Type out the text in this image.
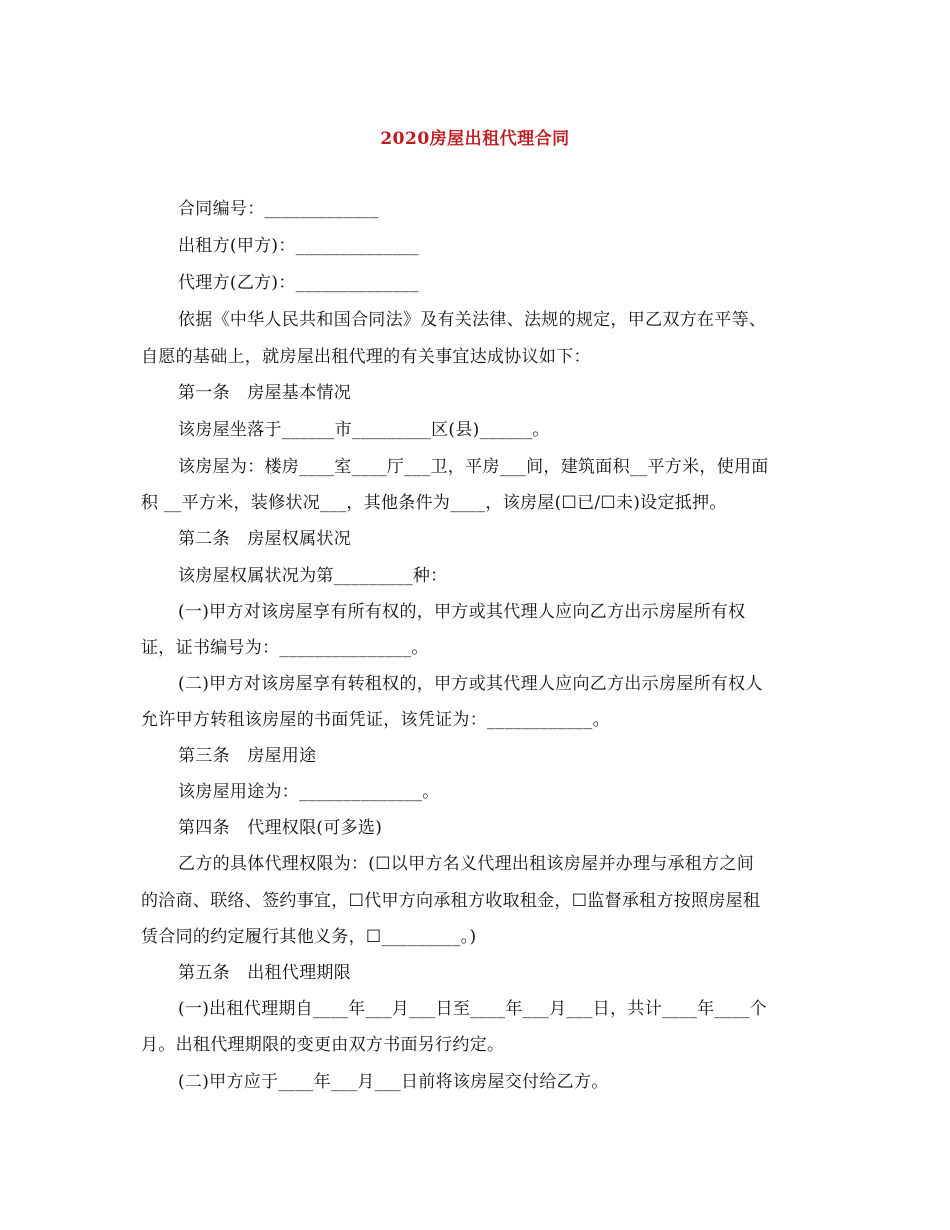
2020房屋出租代理合同
合同编号：_____________
出租方(甲方)：______________
代理方(乙方)：______________
依据《中华人民共和国合同法》及有关法律、法规的规定，甲乙双方在平等、
自愿的基础上，就房屋出租代理的有关事宜达成协议如下：
第一条　房屋基本情况
该房屋坐落于______市_________区(县)______。
该房屋为：楼房____室____厅___卫，平房___间，建筑面积__平方米，使用面
积 __平方米，装修状况___，其他条件为____，该房屋(☐已/☐未)设定抵押。
第二条　房屋权属状况
该房屋权属状况为第_________种：
(一)甲方对该房屋享有所有权的，甲方或其代理人应向乙方出示房屋所有权
证，证书编号为：_______________。
(二)甲方对该房屋享有转租权的，甲方或其代理人应向乙方出示房屋所有权人
允许甲方转租该房屋的书面凭证，该凭证为：____________。
第三条　房屋用途
该房屋用途为：______________。
第四条　代理权限(可多选)
乙方的具体代理权限为：(☐以甲方名义代理出租该房屋并办理与承租方之间
的洽商、联络、签约事宜，☐代甲方向承租方收取租金，☐监督承租方按照房屋租
赁合同的约定履行其他义务，☐_________。)
第五条　出租代理期限
(一)出租代理期自____年___月___日至____年___月___日，共计____年____个
月。出租代理期限的变更由双方书面另行约定。
(二)甲方应于____年___月___日前将该房屋交付给乙方。
